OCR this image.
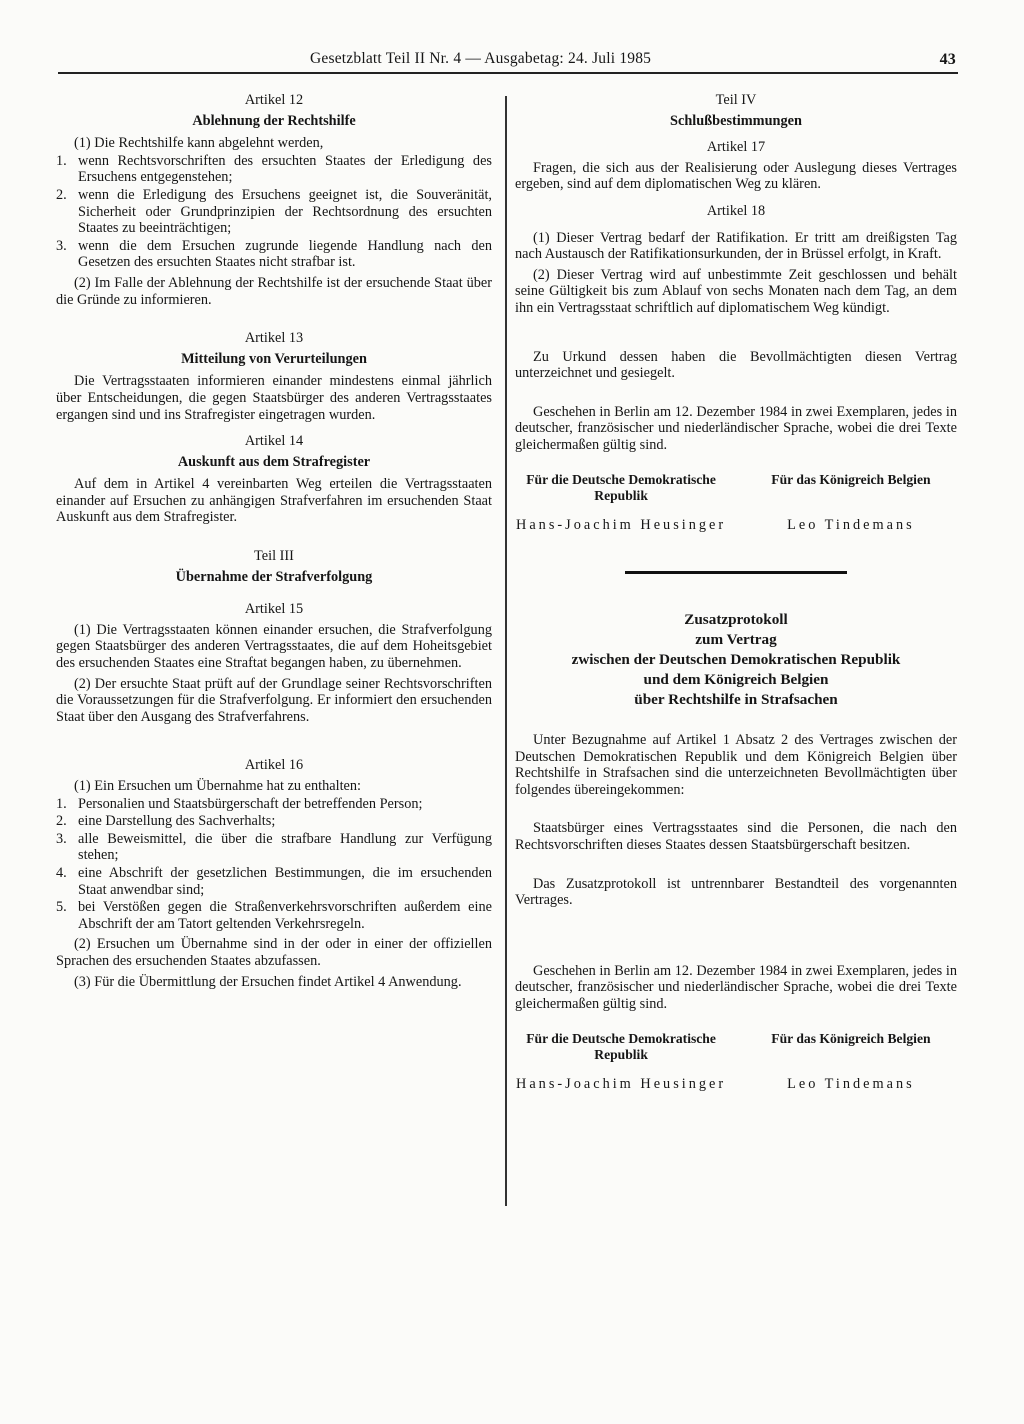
Gesetzblatt Teil II Nr. 4 — Ausgabetag: 24. Juli 1985	43

Artikel 12

Ablehnung der Rechtshilfe

(1) Die Rechtshilfe kann abgelehnt werden,

1. wenn Rechtsvorschriften des ersuchten Staates der Erledigung des Ersuchens entgegenstehen;
2. wenn die Erledigung des Ersuchens geeignet ist, die Souveränität, Sicherheit oder Grundprinzipien der Rechtsordnung des ersuchten Staates zu beeinträchtigen;
3. wenn die dem Ersuchen zugrunde liegende Handlung nach den Gesetzen des ersuchten Staates nicht strafbar ist.

(2) Im Falle der Ablehnung der Rechtshilfe ist der ersuchende Staat über die Gründe zu informieren.

Artikel 13

Mitteilung von Verurteilungen

Die Vertragsstaaten informieren einander mindestens einmal jährlich über Entscheidungen, die gegen Staatsbürger des anderen Vertragsstaates ergangen sind und ins Strafregister eingetragen wurden.

Artikel 14

Auskunft aus dem Strafregister

Auf dem in Artikel 4 vereinbarten Weg erteilen die Vertragsstaaten einander auf Ersuchen zu anhängigen Strafverfahren im ersuchenden Staat Auskunft aus dem Strafregister.

Teil III

Übernahme der Strafverfolgung

Artikel 15

(1) Die Vertragsstaaten können einander ersuchen, die Strafverfolgung gegen Staatsbürger des anderen Vertragsstaates, die auf dem Hoheitsgebiet des ersuchenden Staates eine Straftat begangen haben, zu übernehmen.

(2) Der ersuchte Staat prüft auf der Grundlage seiner Rechtsvorschriften die Voraussetzungen für die Strafverfolgung. Er informiert den ersuchenden Staat über den Ausgang des Strafverfahrens.

Artikel 16

(1) Ein Ersuchen um Übernahme hat zu enthalten:

1. Personalien und Staatsbürgerschaft der betreffenden Person;
2. eine Darstellung des Sachverhalts;
3. alle Beweismittel, die über die strafbare Handlung zur Verfügung stehen;
4. eine Abschrift der gesetzlichen Bestimmungen, die im ersuchenden Staat anwendbar sind;
5. bei Verstößen gegen die Straßenverkehrsvorschriften außerdem eine Abschrift der am Tatort geltenden Verkehrsregeln.

(2) Ersuchen um Übernahme sind in der oder in einer der offiziellen Sprachen des ersuchenden Staates abzufassen.

(3) Für die Übermittlung der Ersuchen findet Artikel 4 Anwendung.

Teil IV

Schlußbestimmungen

Artikel 17

Fragen, die sich aus der Realisierung oder Auslegung dieses Vertrages ergeben, sind auf dem diplomatischen Weg zu klären.

Artikel 18

(1) Dieser Vertrag bedarf der Ratifikation. Er tritt am dreißigsten Tag nach Austausch der Ratifikationsurkunden, der in Brüssel erfolgt, in Kraft.

(2) Dieser Vertrag wird auf unbestimmte Zeit geschlossen und behält seine Gültigkeit bis zum Ablauf von sechs Monaten nach dem Tag, an dem ihn ein Vertragsstaat schriftlich auf diplomatischem Weg kündigt.

Zu Urkund dessen haben die Bevollmächtigten diesen Vertrag unterzeichnet und gesiegelt.

Geschehen in Berlin am 12. Dezember 1984 in zwei Exemplaren, jedes in deutscher, französischer und niederländischer Sprache, wobei die drei Texte gleichermaßen gültig sind.

Für die Deutsche Demokratische Republik
Für das Königreich Belgien
Hans-Joachim Heusinger	Leo Tindemans

Zusatzprotokoll

zum Vertrag

zwischen der Deutschen Demokratischen Republik

und dem Königreich Belgien

über Rechtshilfe in Strafsachen

Unter Bezugnahme auf Artikel 1 Absatz 2 des Vertrages zwischen der Deutschen Demokratischen Republik und dem Königreich Belgien über Rechtshilfe in Strafsachen sind die unterzeichneten Bevollmächtigten über folgendes übereingekommen:

Staatsbürger eines Vertragsstaates sind die Personen, die nach den Rechtsvorschriften dieses Staates dessen Staatsbürgerschaft besitzen.

Das Zusatzprotokoll ist untrennbarer Bestandteil des vorgenannten Vertrages.

Geschehen in Berlin am 12. Dezember 1984 in zwei Exemplaren, jedes in deutscher, französischer und niederländischer Sprache, wobei die drei Texte gleichermaßen gültig sind.

Für die Deutsche Demokratische Republik
Für das Königreich Belgien
Hans-Joachim Heusinger	Leo Tindemans
